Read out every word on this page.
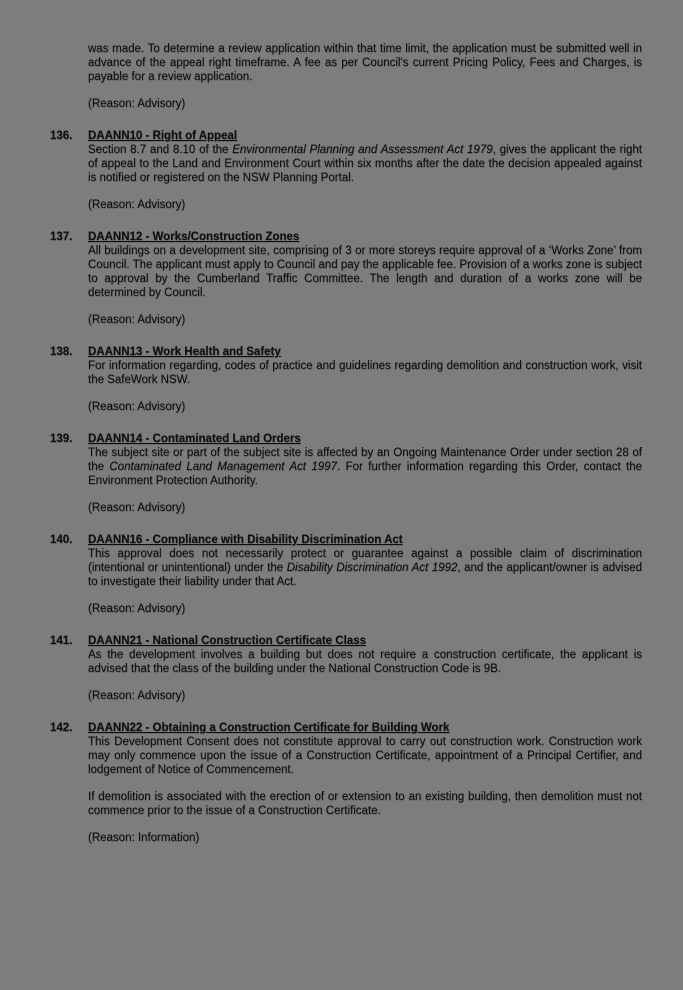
was made. To determine a review application within that time limit, the application must be submitted well in advance of the appeal right timeframe. A fee as per Council's current Pricing Policy, Fees and Charges, is payable for a review application.
(Reason: Advisory)
136.	DAANN10 - Right of Appeal
Section 8.7 and 8.10 of the Environmental Planning and Assessment Act 1979, gives the applicant the right of appeal to the Land and Environment Court within six months after the date the decision appealed against is notified or registered on the NSW Planning Portal.
(Reason: Advisory)
137.	DAANN12 - Works/Construction Zones
All buildings on a development site, comprising of 3 or more storeys require approval of a ‘Works Zone’ from Council. The applicant must apply to Council and pay the applicable fee. Provision of a works zone is subject to approval by the Cumberland Traffic Committee. The length and duration of a works zone will be determined by Council.
(Reason: Advisory)
138.	DAANN13 - Work Health and Safety
For information regarding, codes of practice and guidelines regarding demolition and construction work, visit the SafeWork NSW.
(Reason: Advisory)
139.	DAANN14 - Contaminated Land Orders
The subject site or part of the subject site is affected by an Ongoing Maintenance Order under section 28 of the Contaminated Land Management Act 1997. For further information regarding this Order, contact the Environment Protection Authority.
(Reason: Advisory)
140.	DAANN16 - Compliance with Disability Discrimination Act
This approval does not necessarily protect or guarantee against a possible claim of discrimination (intentional or unintentional) under the Disability Discrimination Act 1992, and the applicant/owner is advised to investigate their liability under that Act.
(Reason: Advisory)
141.	DAANN21 - National Construction Certificate Class
As the development involves a building but does not require a construction certificate, the applicant is advised that the class of the building under the National Construction Code is 9B.
(Reason: Advisory)
142.	DAANN22 - Obtaining a Construction Certificate for Building Work
This Development Consent does not constitute approval to carry out construction work. Construction work may only commence upon the issue of a Construction Certificate, appointment of a Principal Certifier, and lodgement of Notice of Commencement.
If demolition is associated with the erection of or extension to an existing building, then demolition must not commence prior to the issue of a Construction Certificate.
(Reason: Information)
